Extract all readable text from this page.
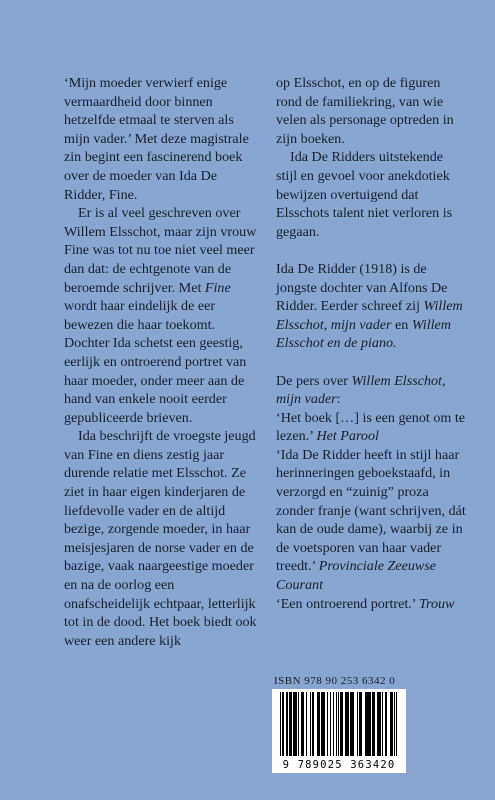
‘Mijn moeder verwierf enige vermaardheid door binnen hetzelfde etmaal te sterven als mijn vader.’ Met deze magistrale zin begint een fascinerend boek over de moeder van Ida De Ridder, Fine.

Er is al veel geschreven over Willem Elsschot, maar zijn vrouw Fine was tot nu toe niet veel meer dan dat: de echtgenote van de beroemde schrijver. Met Fine wordt haar eindelijk de eer bewezen die haar toekomt. Dochter Ida schetst een geestig, eerlijk en ontroerend portret van haar moeder, onder meer aan de hand van enkele nooit eerder gepubliceerde brieven.

Ida beschrijft de vroegste jeugd van Fine en diens zestig jaar durende relatie met Elsschot. Ze ziet in haar eigen kinderjaren de liefdevolle vader en de altijd bezige, zorgende moeder, in haar meisjesjaren de norse vader en de bazige, vaak naargeestige moeder en na de oorlog een onafscheidelijk echtpaar, letterlijk tot in de dood. Het boek biedt ook weer een andere kijk

op Elsschot, en op de figuren rond de familiekring, van wie velen als personage optreden in zijn boeken.

Ida De Ridders uitstekende stijl en gevoel voor anekdotiek bewijzen overtuigend dat Elsschots talent niet verloren is gegaan.

Ida De Ridder (1918) is de jongste dochter van Alfons De Ridder. Eerder schreef zij Willem Elsschot, mijn vader en Willem Elsschot en de piano.

De pers over Willem Elsschot, mijn vader:

‘Het boek […] is een genot om te lezen.’ Het Parool

‘Ida De Ridder heeft in stijl haar herinneringen geboekstaafd, in verzorgd en “zuinig” proza zonder franje (want schrijven, dát kan de oude dame), waarbij ze in de voetsporen van haar vader treedt.’ Provinciale Zeeuwse Courant

‘Een ontroerend portret.’ Trouw

ISBN 978 90 253 6342 0
9 789025 363420
